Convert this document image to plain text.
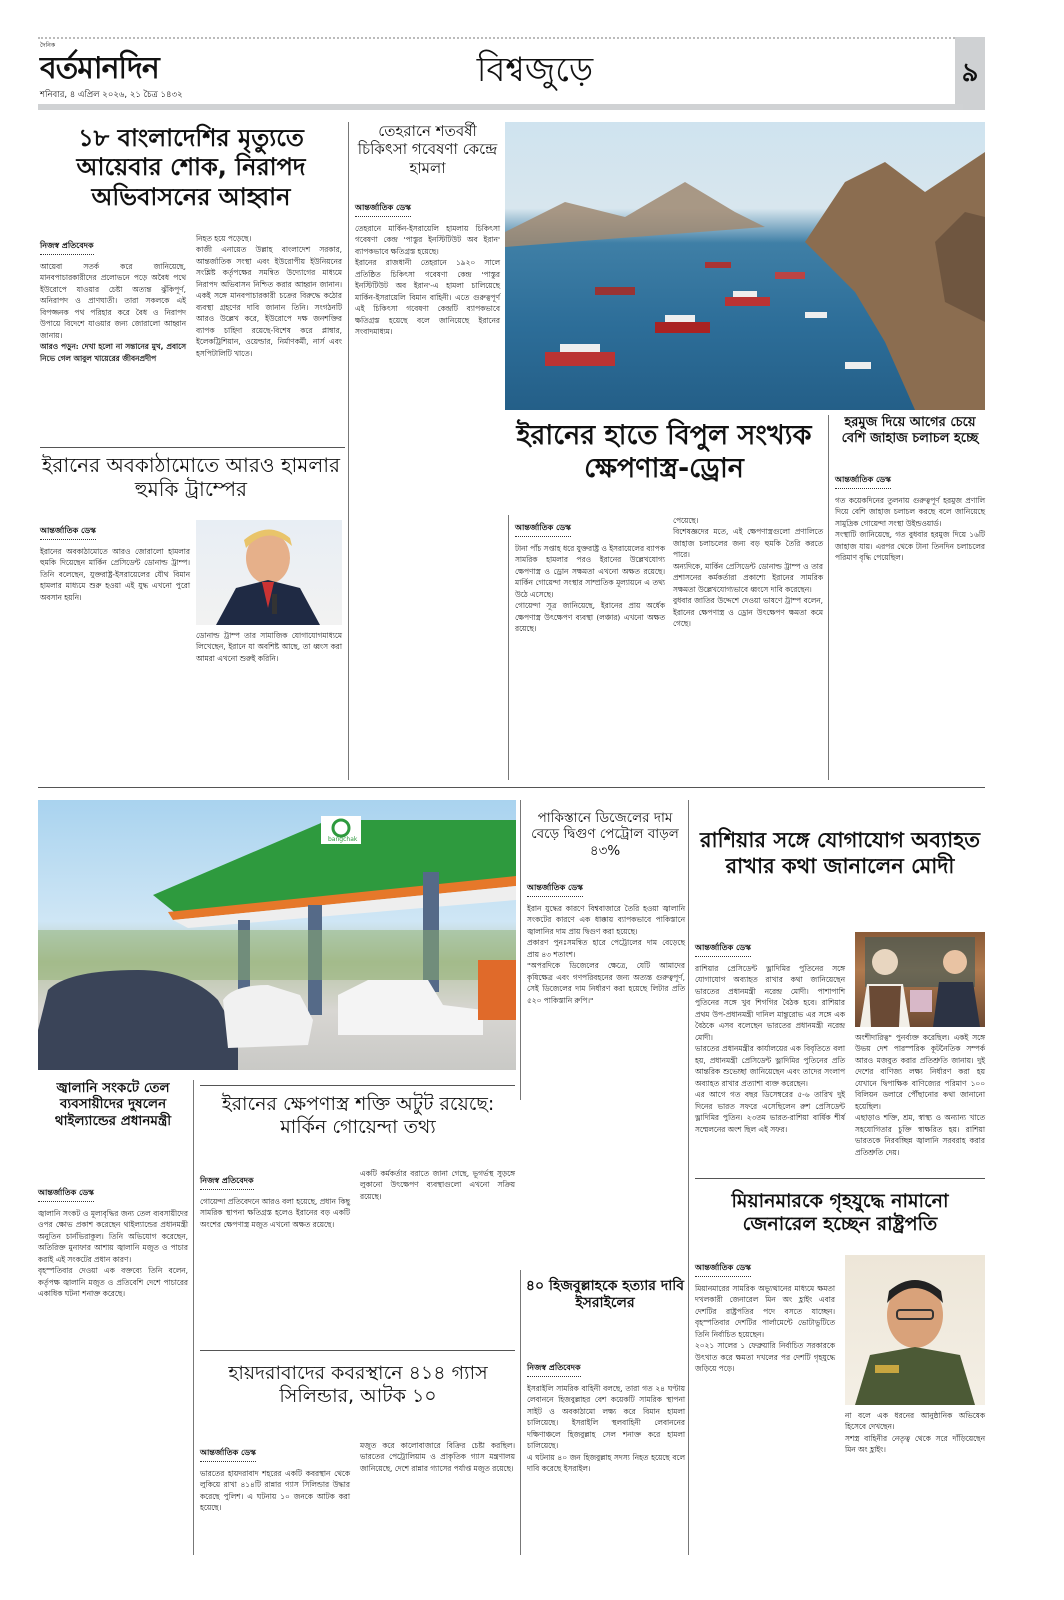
দৈনিক
বর্তমানদিন
শনিবার, ৪ এপ্রিল ২০২৬, ২১ চৈত্র ১৪৩২
বিশ্বজুড়ে	৯
১৮ বাংলাদেশির মৃত্যুতে আয়েবার শোক, নিরাপদ অভিবাসনের আহ্বান
নিজস্ব প্রতিবেদক

আয়েবা সতর্ক করে জানিয়েছে, মানবপাচারকারীদের প্রলোভনে পড়ে অবৈধ পথে ইউরোপে যাওয়ার চেষ্টা অত্যন্ত ঝুঁকিপূর্ণ, অনিরাপদ ও প্রাণঘাতী। তারা সকলকে এই বিপজ্জনক পথ পরিহার করে বৈধ ও নিরাপদ উপায়ে বিদেশে যাওয়ার জন্য জোরালো আহ্বান জানায়।

আরও পড়ুন: দেখা হলো না সন্তানের মুখ, প্রবাসে নিভে গেল আবুল খায়েরের জীবনপ্রদীপ

নিহত হয়ে পড়েছে।

কাজী এনায়েত উল্লাহ বাংলাদেশ সরকার, আন্তর্জাতিক সংস্থা এবং ইউরোপীয় ইউনিয়নের সংশ্লিষ্ট কর্তৃপক্ষের সমন্বিত উদ্যোগের মাধ্যমে নিরাপদ অভিবাসন নিশ্চিত করার আহ্বান জানান। একই সঙ্গে মানবপাচারকারী চক্রের বিরুদ্ধে কঠোর ব্যবস্থা গ্রহণের দাবি জানান তিনি। সংগঠনটি আরও উল্লেখ করে, ইউরোপে দক্ষ জনশক্তির ব্যাপক চাহিদা রয়েছে-বিশেষ করে প্লাম্বার, ইলেকট্রিশিয়ান, ওয়েল্ডার, নির্মাণকর্মী, নার্স এবং হসপিটালিটি খাতে।

তেহরানে শতবর্ষী চিকিৎসা গবেষণা কেন্দ্রে হামলা
আন্তর্জাতিক ডেস্ক

তেহরানে মার্কিন-ইসরায়েলি হামলায় চিকিৎসা গবেষণা কেন্দ্র 'পাস্তুর ইনস্টিটিউট অব ইরান' ব্যাপকভাবে ক্ষতিগ্রস্ত হয়েছে।

ইরানের রাজধানী তেহরানে ১৯২০ সালে প্রতিষ্ঠিত চিকিৎসা গবেষণা কেন্দ্র 'পাস্তুর ইনস্টিটিউট অব ইরান'-এ হামলা চালিয়েছে মার্কিন-ইসরায়েলি বিমান বাহিনী। এতে গুরুত্বপূর্ণ এই চিকিৎসা গবেষণা কেন্দ্রটি ব্যাপকভাবে ক্ষতিগ্রস্ত হয়েছে বলে জানিয়েছে ইরানের সংবাদমাধ্যম।

ইরানের অবকাঠামোতে আরও হামলার হুমকি ট্রাম্পের
আন্তর্জাতিক ডেস্ক

ইরানের অবকাঠামোতে আরও জোরালো হামলার হুমকি দিয়েছেন মার্কিন প্রেসিডেন্ট ডোনাল্ড ট্রাম্প। তিনি বলেছেন, যুক্তরাষ্ট্র-ইসরায়েলের যৌথ বিমান হামলার মাধ্যমে শুরু হওয়া এই যুদ্ধ এখনো পুরো অবসান হয়নি।

ডোনাল্ড ট্রাম্প তার সামাজিক যোগাযোগমাধ্যমে লিখেছেন, ইরানে যা অবশিষ্ট আছে, তা ধ্বংস করা আমরা এখনো শুরুই করিনি।

ইরানের হাতে বিপুল সংখ্যক ক্ষেপণাস্ত্র-ড্রোন
আন্তর্জাতিক ডেস্ক

টানা পাঁচ সপ্তাহ ধরে যুক্তরাষ্ট্র ও ইসরায়েলের ব্যাপক সামরিক হামলার পরও ইরানের উল্লেখযোগ্য ক্ষেপণাস্ত্র ও ড্রোন সক্ষমতা এখনো অক্ষত রয়েছে। মার্কিন গোয়েন্দা সংস্থার সাম্প্রতিক মূল্যায়নে এ তথ্য উঠে এসেছে।

গোয়েন্দা সূত্র জানিয়েছে, ইরানের প্রায় অর্ধেক ক্ষেপণাস্ত্র উৎক্ষেপণ ব্যবস্থা (লঞ্চার) এখনো অক্ষত রয়েছে।

পেয়েছে।

বিশেষজ্ঞদের মতে, এই ক্ষেপণাস্ত্রগুলো প্রণালিতে জাহাজ চলাচলের জন্য বড় হুমকি তৈরি করতে পারে।

অন্যদিকে, মার্কিন প্রেসিডেন্ট ডোনাল্ড ট্রাম্প ও তার প্রশাসনের কর্মকর্তারা প্রকাশ্যে ইরানের সামরিক সক্ষমতা উল্লেখযোগ্যভাবে ধ্বংসে দাবি করেছেন।

বুধবার জাতির উদ্দেশে দেওয়া ভাষণে ট্রাম্প বলেন, ইরানের ক্ষেপণাস্ত্র ও ড্রোন উৎক্ষেপণ ক্ষমতা কমে গেছে।

হরমুজ দিয়ে আগের চেয়ে বেশি জাহাজ চলাচল হচ্ছে
আন্তর্জাতিক ডেস্ক

গত কয়েকদিনের তুলনায় গুরুত্বপূর্ণ হরমুজ প্রণালি দিয়ে বেশি জাহাজ চলাচল করছে বলে জানিয়েছে সামুদ্রিক গোয়েন্দা সংস্থা উইন্ডওয়ার্ড।

সংস্থাটি জানিয়েছে, গত বুধবার হরমুজ দিয়ে ১৬টি জাহাজ যায়। এরপর থেকে টানা তিনদিন চলাচলের পরিমাণ বৃদ্ধি পেয়েছিল।

bangchak
পাকিস্তানে ডিজেলের দাম বেড়ে দ্বিগুণ পেট্রোল বাড়ল ৪৩%
আন্তর্জাতিক ডেস্ক

ইরান যুদ্ধের কারণে বিশ্ববাজারে তৈরি হওয়া জ্বালানি সংকটের কারণে এক ধাক্কায় ব্যাপকভাবে পাকিস্তানে জ্বালানির দাম প্রায় দ্বিগুণ করা হয়েছে।

প্রকারণ পুনঃসমন্বিত হারে পেট্রোলের দাম বেড়েছে প্রায় ৪৩ শতাংশ।

"অপরদিকে ডিজেলের ক্ষেত্রে, যেটি আমাদের কৃষিক্ষেত্র এবং গণপরিবহনের জন্য অত্যন্ত গুরুত্বপূর্ণ, সেই ডিজেলের দাম নির্ধারণ করা হয়েছে লিটার প্রতি ৫২০ পাকিস্তানি রুপি।"

রাশিয়ার সঙ্গে যোগাযোগ অব্যাহত রাখার কথা জানালেন মোদী
আন্তর্জাতিক ডেস্ক

রাশিয়ার প্রেসিডেন্ট ভ্লাদিমির পুতিনের সঙ্গে যোগাযোগ অব্যাহত রাখার কথা জানিয়েছেন ভারতের প্রধানমন্ত্রী নরেন্দ্র মোদী। পাশাপাশি পুতিনের সঙ্গে খুব শিগগির বৈঠক হবে। রাশিয়ার প্রথম উপ-প্রধানমন্ত্রী দানিল মান্তুরোভ এর সঙ্গে এক বৈঠকে এসব বলেছেন ভারতের প্রধানমন্ত্রী নরেন্দ্র মোদী।

ভারতের প্রধানমন্ত্রীর কার্যালয়ের এক বিবৃতিতে বলা হয়, প্রধানমন্ত্রী প্রেসিডেন্ট ভ্লাদিমির পুতিনের প্রতি আন্তরিক শুভেচ্ছা জানিয়েছেন এবং তাদের সংলাপ অব্যাহত রাখার প্রত্যাশা ব্যক্ত করেছেন।

এর আগে গত বছর ডিসেম্বরের ৫-৬ তারিখ দুই দিনের ভারত সফরে এসেছিলেন রুশ প্রেসিডেন্ট ভ্লাদিমির পুতিন। ২৩তম ভারত-রাশিয়া বার্ষিক শীর্ষ সম্মেলনের অংশ ছিল এই সফর।

অংশীদারিত্ব" পুনর্ব্যক্ত করেছিল। একই সঙ্গে উভয় দেশ পারস্পরিক কূটনৈতিক সম্পর্ক আরও মজবুত করার প্রতিশ্রুতি জানায়। দুই দেশের বাণিজ্য লক্ষ্য নির্ধারণ করা হয় যেখানে দ্বিপাক্ষিক বাণিজ্যের পরিমাণ ১০০ বিলিয়ন ডলারে পৌঁছানোর কথা জানানো হয়েছিল।

এছাড়াও শক্তি, শ্রম, স্বাস্থ্য ও অন্যান্য খাতে সহযোগিতার চুক্তি স্বাক্ষরিত হয়। রাশিয়া ভারতকে নিরবচ্ছিন্ন জ্বালানি সরবরাহ করার প্রতিশ্রুতি দেয়।

জ্বালানি সংকটে তেল ব্যবসায়ীদের দুষলেন থাইল্যান্ডের প্রধানমন্ত্রী
আন্তর্জাতিক ডেস্ক

জ্বালানি সংকট ও মূল্যবৃদ্ধির জন্য তেল ব্যবসায়ীদের ওপর ক্ষোভ প্রকাশ করেছেন থাইল্যান্ডের প্রধানমন্ত্রী অনুতিন চার্নভিরাকুল। তিনি অভিযোগ করেছেন, অতিরিক্ত মুনাফার আশায় জ্বালানি মজুত ও পাচার করাই এই সংকটের প্রধান কারণ।

বৃহস্পতিবার দেওয়া এক বক্তব্যে তিনি বলেন, কর্তৃপক্ষ জ্বালানি মজুত ও প্রতিবেশি দেশে পাচারের একাধিক ঘটনা শনাক্ত করেছে।

ইরানের ক্ষেপণাস্ত্র শক্তি অটুট রয়েছে: মার্কিন গোয়েন্দা তথ্য
নিজস্ব প্রতিবেদক

গোয়েন্দা প্রতিবেদনে আরও বলা হয়েছে, প্রধান কিছু সামরিক স্থাপনা ক্ষতিগ্রস্ত হলেও ইরানের বড় একটি অংশের ক্ষেপণাস্ত্র মজুত এখনো অক্ষত রয়েছে।

একটি কর্মকর্তার বরাতে জানা গেছে, ভূগর্ভস্থ সুড়ঙ্গে লুকানো উৎক্ষেপণ ব্যবস্থাগুলো এখনো সক্রিয় রয়েছে।

হায়দরাবাদের কবরস্থানে ৪১৪ গ্যাস সিলিন্ডার, আটক ১০
আন্তর্জাতিক ডেস্ক

ভারতের হায়দরাবাদ শহরের একটি কবরস্থান থেকে লুকিয়ে রাখা ৪১৪টি রান্নার গ্যাস সিলিন্ডার উদ্ধার করেছে পুলিশ। এ ঘটনায় ১০ জনকে আটক করা হয়েছে।

মজুত করে কালোবাজারে বিক্রির চেষ্টা করছিল। ভারতের পেট্রোলিয়াম ও প্রাকৃতিক গ্যাস মন্ত্রণালয় জানিয়েছে, দেশে রান্নার গ্যাসের পর্যাপ্ত মজুত রয়েছে।

৪০ হিজবুল্লাহকে হত্যার দাবি ইসরাইলের
নিজস্ব প্রতিবেদক

ইসরাইলি সামরিক বাহিনী বলছে, তারা গত ২৪ ঘণ্টায় লেবাননে হিজবুল্লাহর বেশ কয়েকটি সামরিক স্থাপনা সাইট ও অবকাঠামো লক্ষ্য করে বিমান হামলা চালিয়েছে। ইসরাইলি স্থলবাহিনী লেবাননের দক্ষিণাঞ্চলে হিজবুল্লাহ সেল শনাক্ত করে হামলা চালিয়েছে।

এ ঘটনায় ৪০ জন হিজবুল্লাহ সদস্য নিহত হয়েছে বলে দাবি করেছে ইসরাইল।

মিয়ানমারকে গৃহযুদ্ধে নামানো জেনারেল হচ্ছেন রাষ্ট্রপতি
আন্তর্জাতিক ডেস্ক

মিয়ানমারের সামরিক অভ্যুত্থানের মাধ্যমে ক্ষমতা দখলকারী জেনারেল মিন অং হ্লাইং এবার দেশটির রাষ্ট্রপতির পদে বসতে যাচ্ছেন। বৃহস্পতিবার দেশটির পার্লামেন্টে ভোটাভুটিতে তিনি নির্বাচিত হয়েছেন।

২০২১ সালের ১ ফেব্রুয়ারি নির্বাচিত সরকারকে উৎখাত করে ক্ষমতা দখলের পর দেশটি গৃহযুদ্ধে জড়িয়ে পড়ে।

না বলে এক ধরনের আনুষ্ঠানিক অভিষেক হিসেবে দেখছেন।

সশস্ত্র বাহিনীর নেতৃত্ব থেকে সরে দাঁড়িয়েছেন মিন অং হ্লাইং।
